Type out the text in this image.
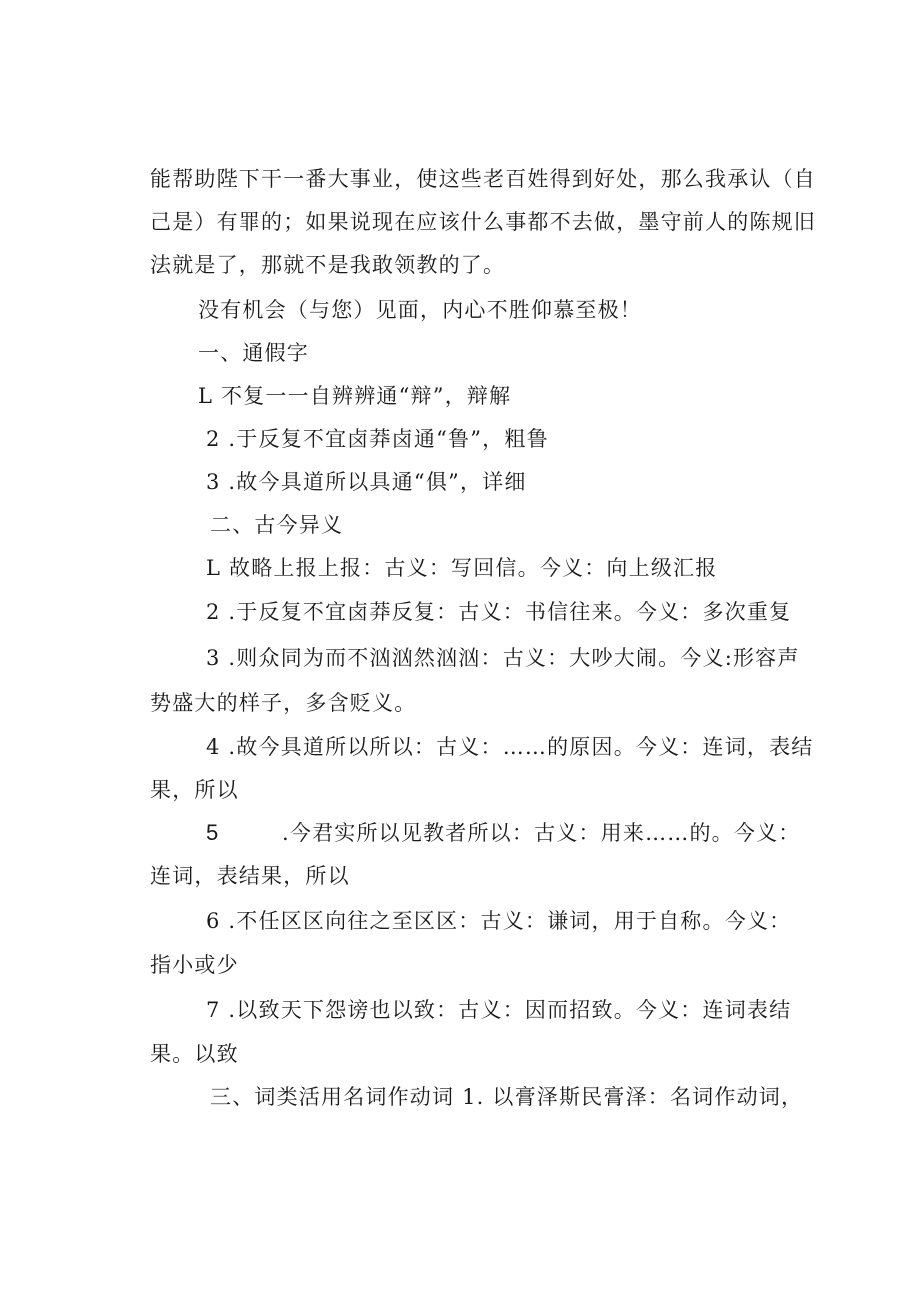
能帮助陛下干一番大事业，使这些老百姓得到好处，那么我承认（自
己是）有罪的；如果说现在应该什么事都不去做，墨守前人的陈规旧
法就是了，那就不是我敢领教的了。
没有机会（与您）见面，内心不胜仰慕至极！
一、通假字
L 不复一一自辨辨通“辩”，辩解
2 .于反复不宜卤莽卤通“鲁”，粗鲁
3 .故今具道所以具通“俱”，详细
二、古今异义
L 故略上报上报：古义：写回信。今义：向上级汇报
2 .于反复不宜卤莽反复：古义：书信往来。今义：多次重复
3 .则众同为而不汹汹然汹汹：古义：大吵大闹。今义:形容声
势盛大的样子，多含贬义。
4 .故今具道所以所以：古义：……的原因。今义：连词，表结
果，所以
5	.今君实所以见教者所以：古义：用来……的。今义：
连词，表结果，所以
6 .不任区区向往之至区区：古义：谦词，用于自称。今义：
指小或少
7 .以致天下怨谤也以致：古义：因而招致。今义：连词表结
果。以致
三、词类活用名词作动词 1. 以膏泽斯民膏泽：名词作动词，
